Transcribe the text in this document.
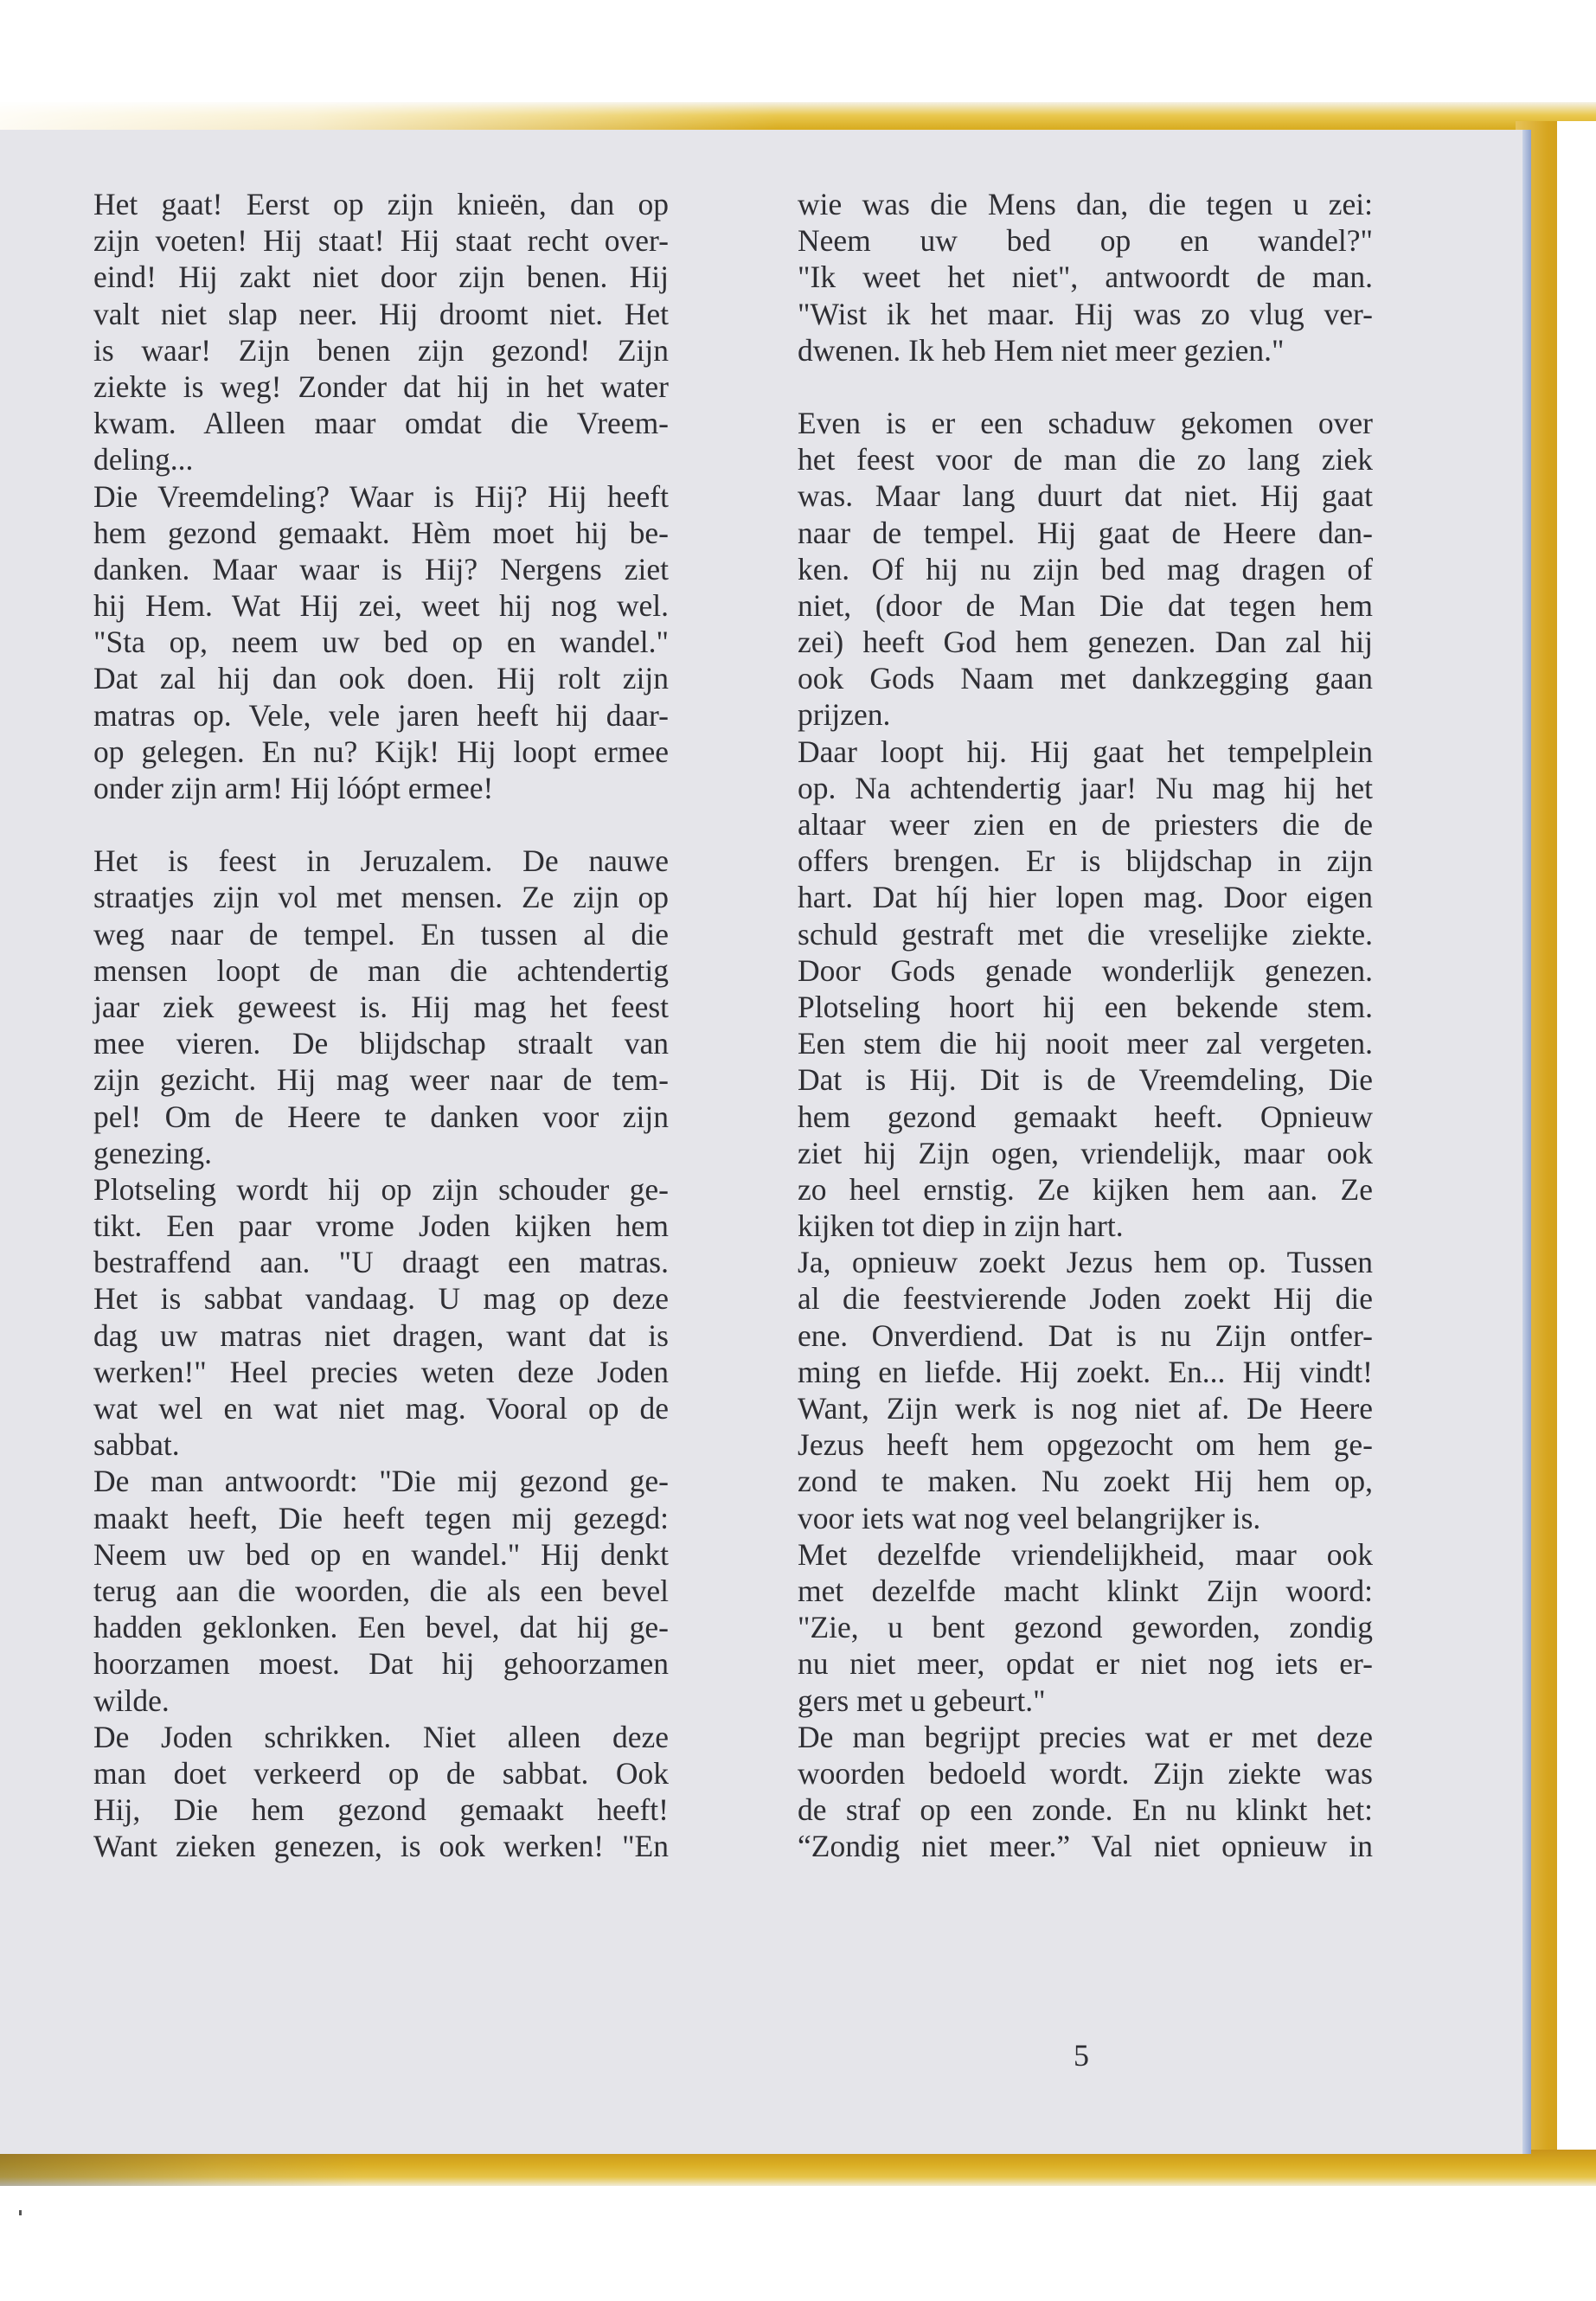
Het gaat! Eerst op zijn knieën, dan op
zijn voeten! Hij staat! Hij staat recht over-
eind! Hij zakt niet door zijn benen. Hij
valt niet slap neer. Hij droomt niet. Het
is waar! Zijn benen zijn gezond! Zijn
ziekte is weg! Zonder dat hij in het water
kwam. Alleen maar omdat die Vreem-
deling...
Die Vreemdeling? Waar is Hij? Hij heeft
hem gezond gemaakt. Hèm moet hij be-
danken. Maar waar is Hij? Nergens ziet
hij Hem. Wat Hij zei, weet hij nog wel.
"Sta op, neem uw bed op en wandel."
Dat zal hij dan ook doen. Hij rolt zijn
matras op. Vele, vele jaren heeft hij daar-
op gelegen. En nu? Kijk! Hij loopt ermee
onder zijn arm! Hij lóópt ermee!
Het is feest in Jeruzalem. De nauwe
straatjes zijn vol met mensen. Ze zijn op
weg naar de tempel. En tussen al die
mensen loopt de man die achtendertig
jaar ziek geweest is. Hij mag het feest
mee vieren. De blijdschap straalt van
zijn gezicht. Hij mag weer naar de tem-
pel! Om de Heere te danken voor zijn
genezing.
Plotseling wordt hij op zijn schouder ge-
tikt. Een paar vrome Joden kijken hem
bestraffend aan. "U draagt een matras.
Het is sabbat vandaag. U mag op deze
dag uw matras niet dragen, want dat is
werken!" Heel precies weten deze Joden
wat wel en wat niet mag. Vooral op de
sabbat.
De man antwoordt: "Die mij gezond ge-
maakt heeft, Die heeft tegen mij gezegd:
Neem uw bed op en wandel." Hij denkt
terug aan die woorden, die als een bevel
hadden geklonken. Een bevel, dat hij ge-
hoorzamen moest. Dat hij gehoorzamen
wilde.
De Joden schrikken. Niet alleen deze
man doet verkeerd op de sabbat. Ook
Hij, Die hem gezond gemaakt heeft!
Want zieken genezen, is ook werken! "En
wie was die Mens dan, die tegen u zei:
Neem uw bed op en wandel?"
"Ik weet het niet", antwoordt de man.
"Wist ik het maar. Hij was zo vlug ver-
dwenen. Ik heb Hem niet meer gezien."
Even is er een schaduw gekomen over
het feest voor de man die zo lang ziek
was. Maar lang duurt dat niet. Hij gaat
naar de tempel. Hij gaat de Heere dan-
ken. Of hij nu zijn bed mag dragen of
niet, (door de Man Die dat tegen hem
zei) heeft God hem genezen. Dan zal hij
ook Gods Naam met dankzegging gaan
prijzen.
Daar loopt hij. Hij gaat het tempelplein
op. Na achtendertig jaar! Nu mag hij het
altaar weer zien en de priesters die de
offers brengen. Er is blijdschap in zijn
hart. Dat híj hier lopen mag. Door eigen
schuld gestraft met die vreselijke ziekte.
Door Gods genade wonderlijk genezen.
Plotseling hoort hij een bekende stem.
Een stem die hij nooit meer zal vergeten.
Dat is Hij. Dit is de Vreemdeling, Die
hem gezond gemaakt heeft. Opnieuw
ziet hij Zijn ogen, vriendelijk, maar ook
zo heel ernstig. Ze kijken hem aan. Ze
kijken tot diep in zijn hart.
Ja, opnieuw zoekt Jezus hem op. Tussen
al die feestvierende Joden zoekt Hij die
ene. Onverdiend. Dat is nu Zijn ontfer-
ming en liefde. Hij zoekt. En... Hij vindt!
Want, Zijn werk is nog niet af. De Heere
Jezus heeft hem opgezocht om hem ge-
zond te maken. Nu zoekt Hij hem op,
voor iets wat nog veel belangrijker is.
Met dezelfde vriendelijkheid, maar ook
met dezelfde macht klinkt Zijn woord:
"Zie, u bent gezond geworden, zondig
nu niet meer, opdat er niet nog iets er-
gers met u gebeurt."
De man begrijpt precies wat er met deze
woorden bedoeld wordt. Zijn ziekte was
de straf op een zonde. En nu klinkt het:
“Zondig niet meer.” Val niet opnieuw in
5
